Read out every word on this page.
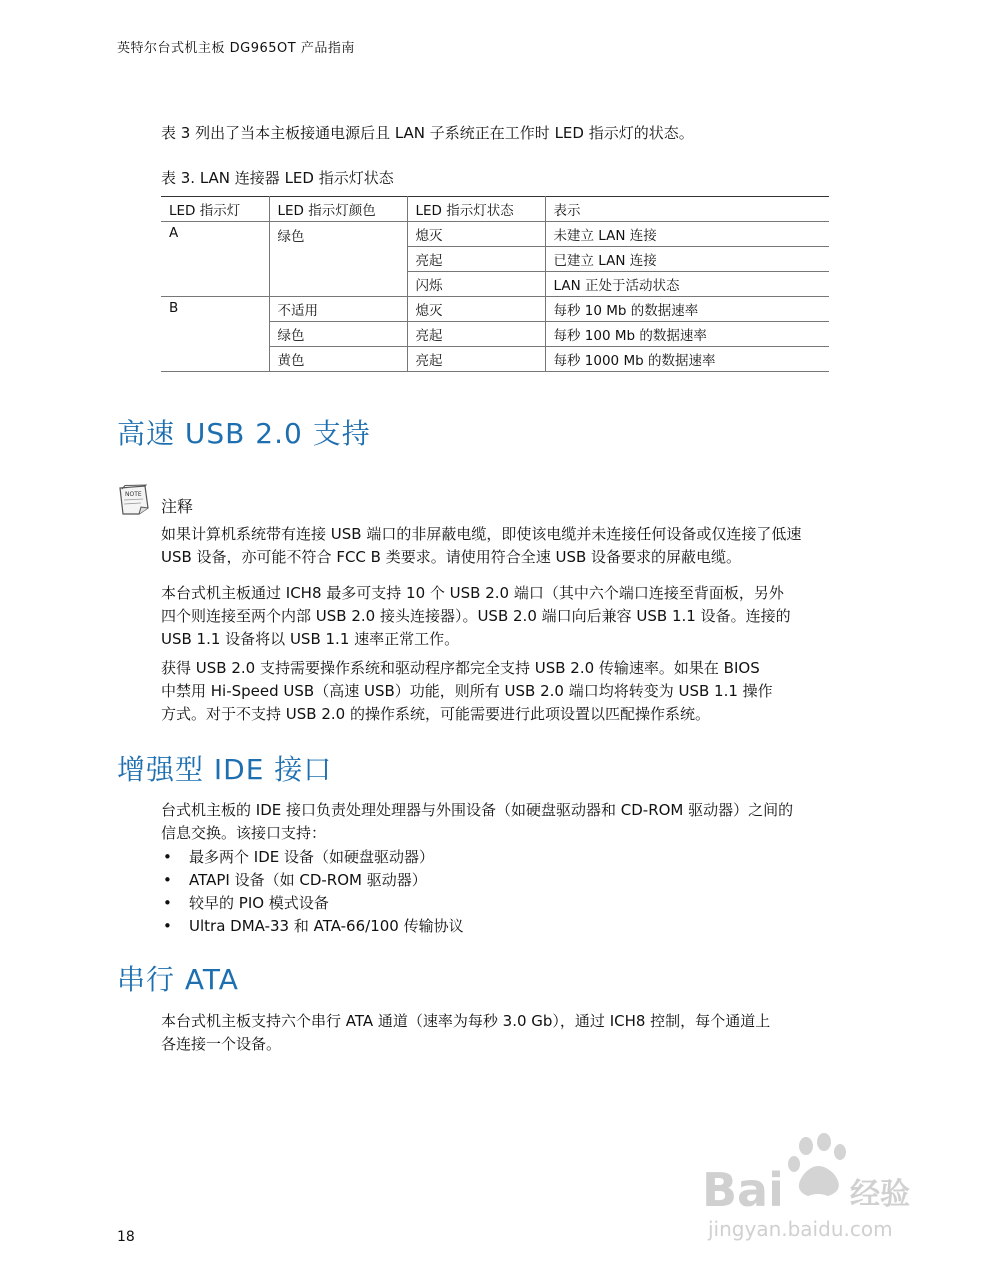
英特尔台式机主板 DG965OT 产品指南
表 3 列出了当本主板接通电源后且 LAN 子系统正在工作时 LED 指示灯的状态。
表 3. LAN 连接器 LED 指示灯状态
LED 指示灯	LED 指示灯颜色	LED 指示灯状态	表示
A	绿色	熄灭	未建立 LAN 连接
		亮起	已建立 LAN 连接
		闪烁	LAN 正处于活动状态
B	不适用	熄灭	每秒 10 Mb 的数据速率
	绿色	亮起	每秒 100 Mb 的数据速率
	黄色	亮起	每秒 1000 Mb 的数据速率
高速 USB 2.0 支持
NOTE
注释
如果计算机系统带有连接 USB 端口的非屏蔽电缆，即使该电缆并未连接任何设备或仅连接了低速
USB 设备，亦可能不符合 FCC B 类要求。请使用符合全速 USB 设备要求的屏蔽电缆。
本台式机主板通过 ICH8 最多可支持 10 个 USB 2.0 端口（其中六个端口连接至背面板，另外
四个则连接至两个内部 USB 2.0 接头连接器）。USB 2.0 端口向后兼容 USB 1.1 设备。连接的
USB 1.1 设备将以 USB 1.1 速率正常工作。
获得 USB 2.0 支持需要操作系统和驱动程序都完全支持 USB 2.0 传输速率。如果在 BIOS
中禁用 Hi-Speed USB（高速 USB）功能，则所有 USB 2.0 端口均将转变为 USB 1.1 操作
方式。对于不支持 USB 2.0 的操作系统，可能需要进行此项设置以匹配操作系统。
增强型 IDE 接口
台式机主板的 IDE 接口负责处理处理器与外围设备（如硬盘驱动器和 CD-ROM 驱动器）之间的
信息交换。该接口支持：
• 最多两个 IDE 设备（如硬盘驱动器）
• ATAPI 设备（如 CD-ROM 驱动器）
• 较早的 PIO 模式设备
• Ultra DMA-33 和 ATA-66/100 传输协议
串行 ATA
本台式机主板支持六个串行 ATA 通道（速率为每秒 3.0 Gb），通过 ICH8 控制，每个通道上
各连接一个设备。
18
Bai 经验
jingyan.baidu.com
